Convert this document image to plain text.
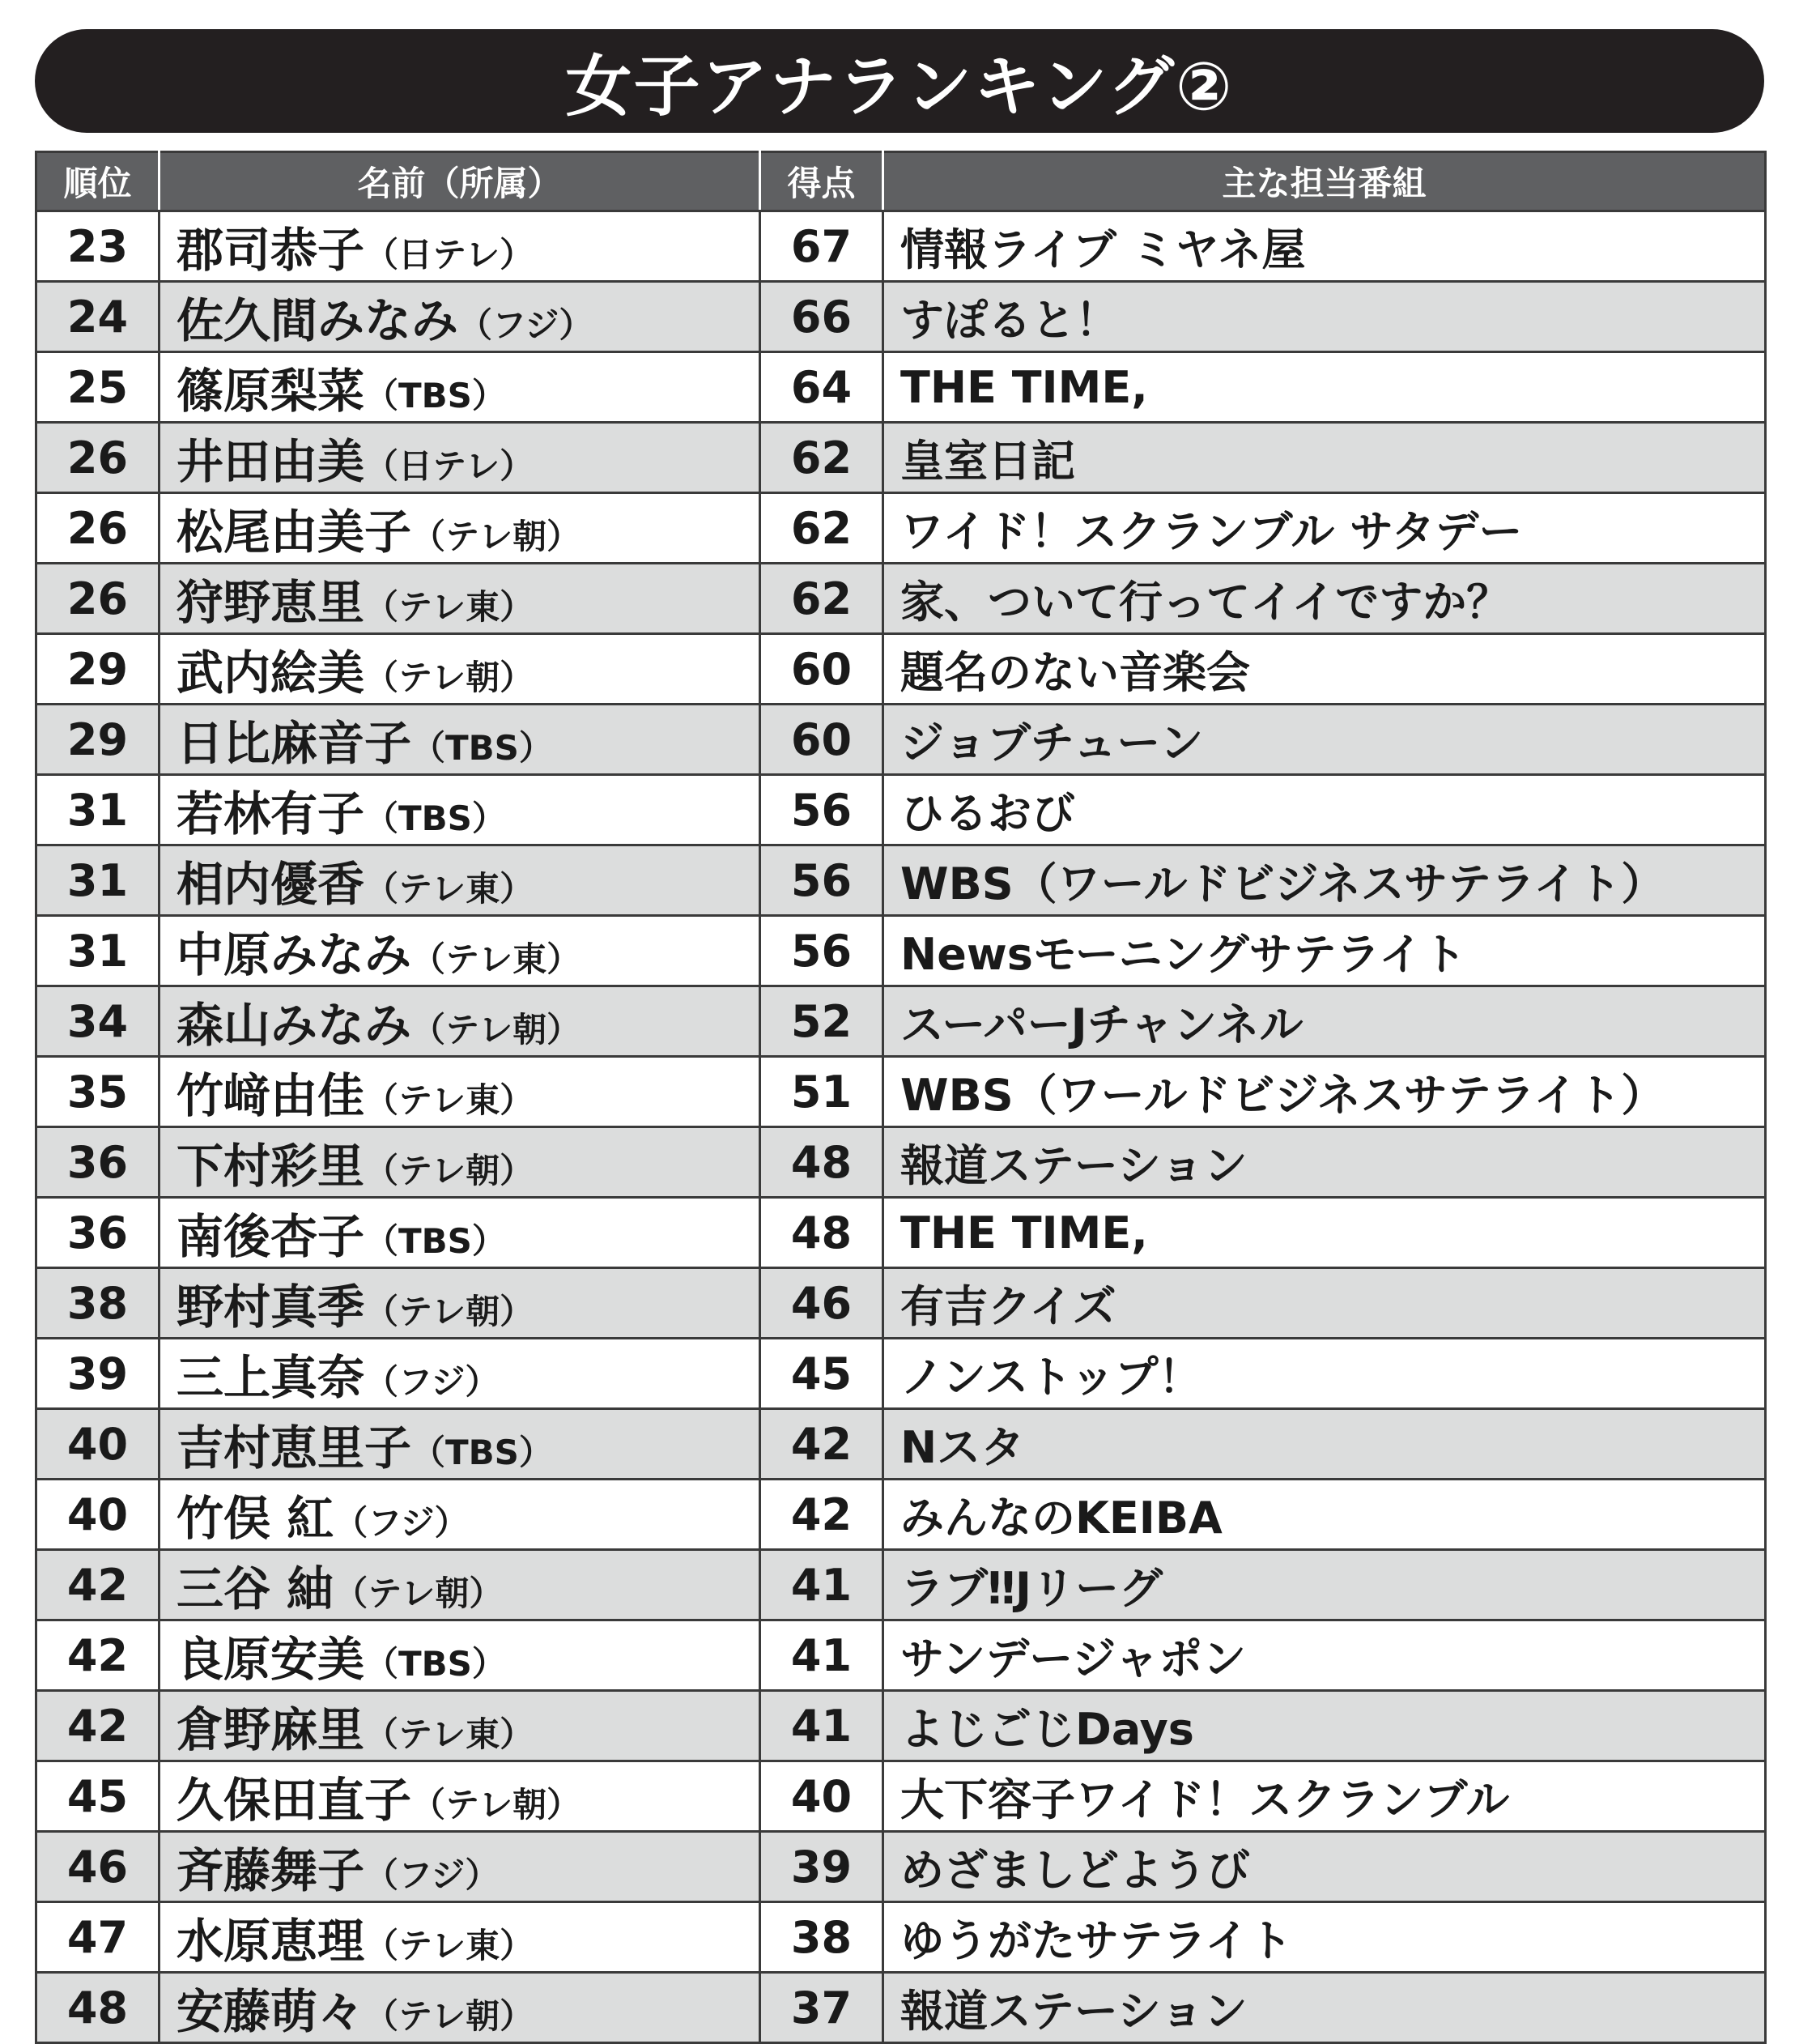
女子アナランキング②
順位	名前（所属）	得点	主な担当番組
23	郡司恭子（日テレ）	67	情報ライブ ミヤネ屋
24	佐久間みなみ（フジ）	66	すぽると！
25	篠原梨菜（TBS）	64	THE TIME,
26	井田由美（日テレ）	62	皇室日記
26	松尾由美子（テレ朝）	62	ワイド！スクランブル サタデー
26	狩野恵里（テレ東）	62	家、ついて行ってイイですか？
29	武内絵美（テレ朝）	60	題名のない音楽会
29	日比麻音子（TBS）	60	ジョブチューン
31	若林有子（TBS）	56	ひるおび
31	相内優香（テレ東）	56	WBS（ワールドビジネスサテライト）
31	中原みなみ（テレ東）	56	Newsモーニングサテライト
34	森山みなみ（テレ朝）	52	スーパーJチャンネル
35	竹﨑由佳（テレ東）	51	WBS（ワールドビジネスサテライト）
36	下村彩里（テレ朝）	48	報道ステーション
36	南後杏子（TBS）	48	THE TIME,
38	野村真季（テレ朝）	46	有吉クイズ
39	三上真奈（フジ）	45	ノンストップ！
40	吉村恵里子（TBS）	42	Nスタ
40	竹俣 紅（フジ）	42	みんなのKEIBA
42	三谷 紬（テレ朝）	41	ラブ‼Jリーグ
42	良原安美（TBS）	41	サンデージャポン
42	倉野麻里（テレ東）	41	よじごじDays
45	久保田直子（テレ朝）	40	大下容子ワイド！スクランブル
46	斉藤舞子（フジ）	39	めざましどようび
47	水原恵理（テレ東）	38	ゆうがたサテライト
48	安藤萌々（テレ朝）	37	報道ステーション
